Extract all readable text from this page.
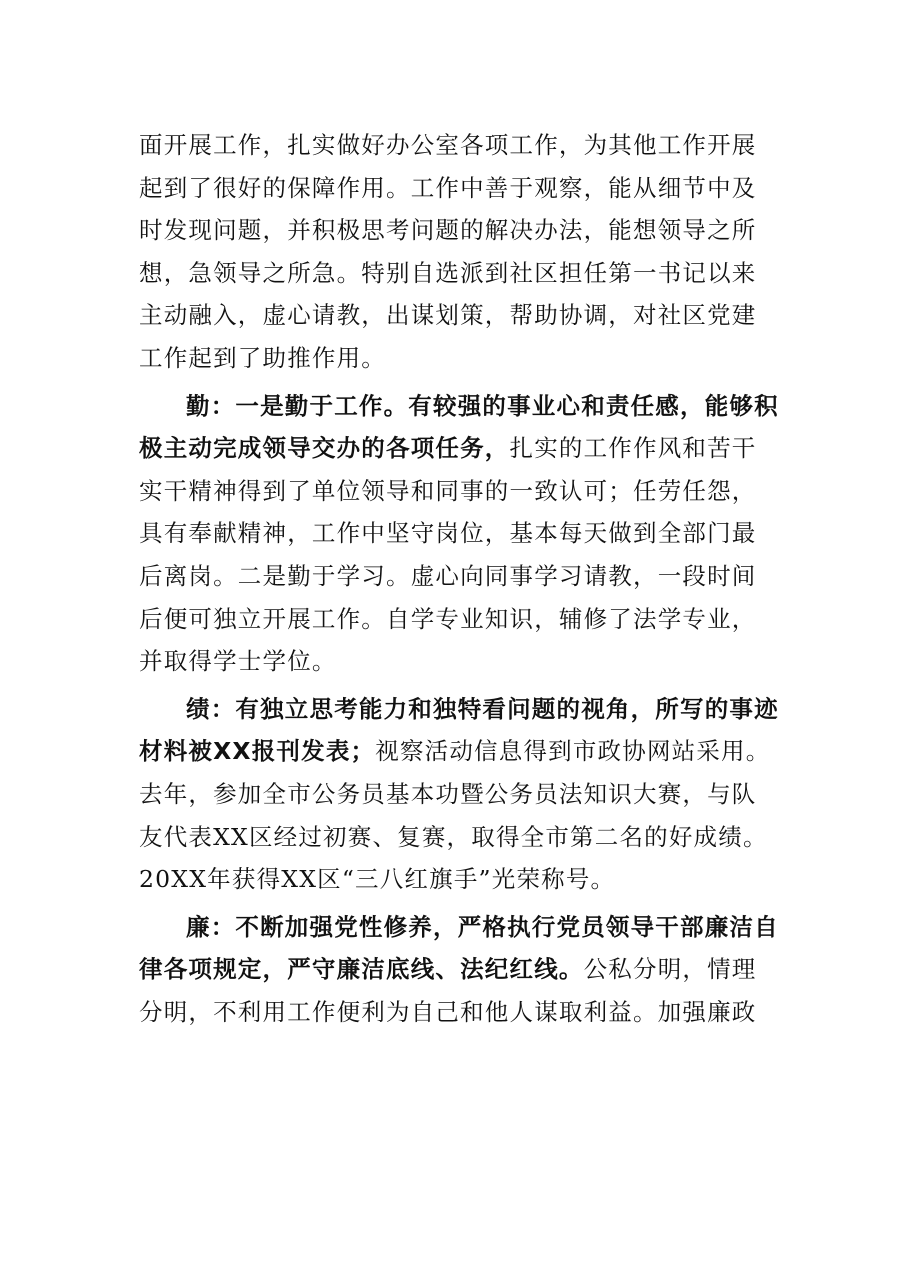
面开展工作，扎实做好办公室各项工作，为其他工作开展
起到了很好的保障作用。工作中善于观察，能从细节中及
时发现问题，并积极思考问题的解决办法，能想领导之所
想，急领导之所急。特别自选派到社区担任第一书记以来
主动融入，虚心请教，出谋划策，帮助协调，对社区党建
工作起到了助推作用。
勤：一是勤于工作。有较强的事业心和责任感，能够积
极主动完成领导交办的各项任务，扎实的工作作风和苦干
实干精神得到了单位领导和同事的一致认可；任劳任怨，
具有奉献精神，工作中坚守岗位，基本每天做到全部门最
后离岗。二是勤于学习。虚心向同事学习请教，一段时间
后便可独立开展工作。自学专业知识，辅修了法学专业，
并取得学士学位。
绩：有独立思考能力和独特看问题的视角，所写的事迹
材料被XX报刊发表；视察活动信息得到市政协网站采用。
去年，参加全市公务员基本功暨公务员法知识大赛，与队
友代表XX区经过初赛、复赛，取得全市第二名的好成绩。
20XX年获得XX区“三八红旗手”光荣称号。
廉：不断加强党性修养，严格执行党员领导干部廉洁自
律各项规定，严守廉洁底线、法纪红线。公私分明，情理
分明，不利用工作便利为自己和他人谋取利益。加强廉政
